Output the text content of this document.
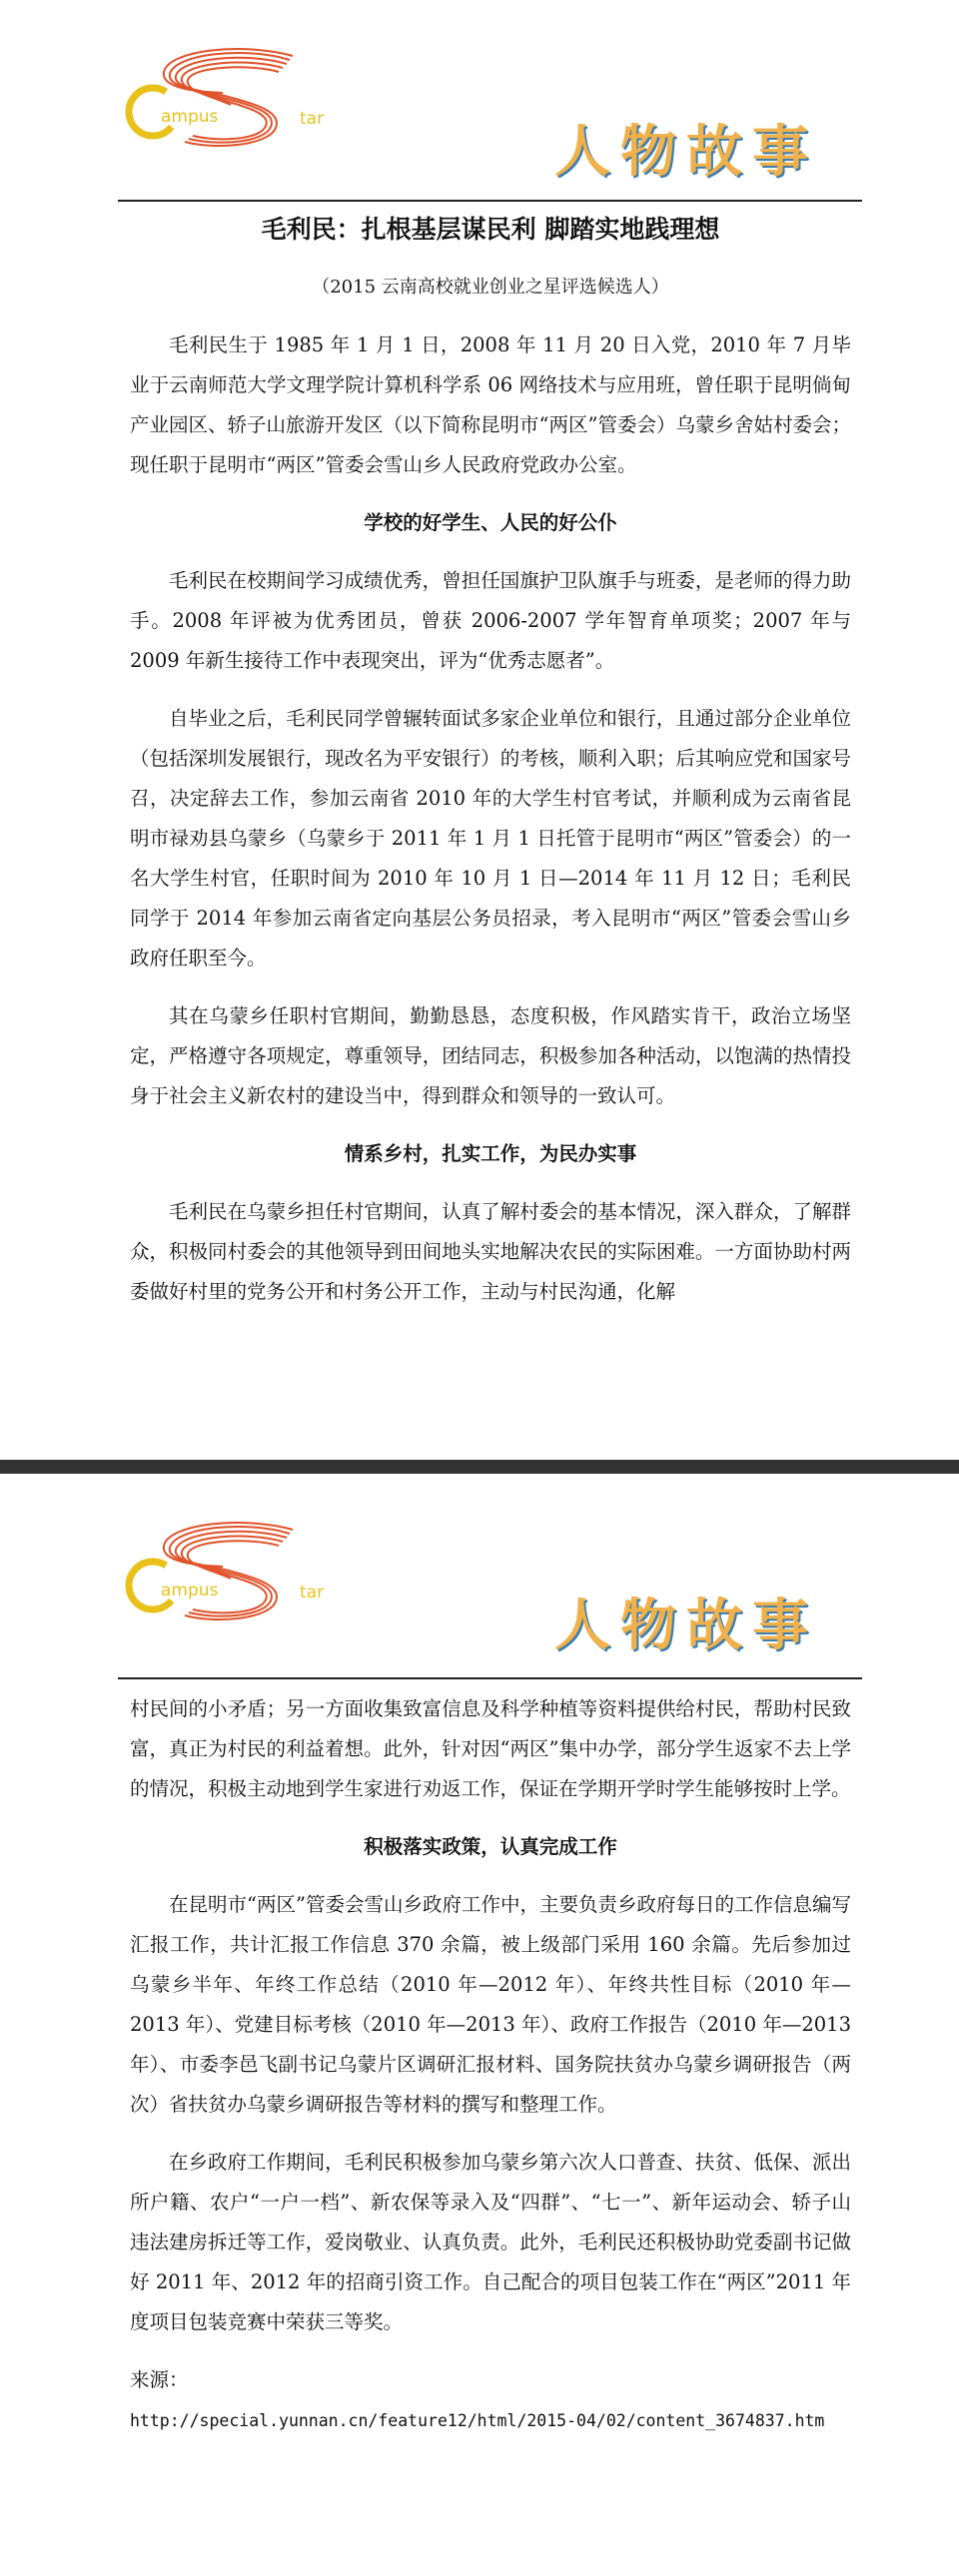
ampus	tar	人物故事

毛利民：扎根基层谋民利 脚踏实地践理想

（2015 云南高校就业创业之星评选候选人）

毛利民生于 1985 年 1 月 1 日，2008 年 11 月 20 日入党，2010 年 7 月毕业于云南师范大学文理学院计算机科学系 06 网络技术与应用班，曾任职于昆明倘甸产业园区、轿子山旅游开发区（以下简称昆明市“两区”管委会）乌蒙乡舍姑村委会；现任职于昆明市“两区”管委会雪山乡人民政府党政办公室。

学校的好学生、人民的好公仆

毛利民在校期间学习成绩优秀，曾担任国旗护卫队旗手与班委，是老师的得力助手。2008 年评被为优秀团员，曾获 2006-2007 学年智育单项奖；2007 年与 2009 年新生接待工作中表现突出，评为“优秀志愿者”。

自毕业之后，毛利民同学曾辗转面试多家企业单位和银行，且通过部分企业单位（包括深圳发展银行，现改名为平安银行）的考核，顺利入职；后其响应党和国家号召，决定辞去工作，参加云南省 2010 年的大学生村官考试，并顺利成为云南省昆明市禄劝县乌蒙乡（乌蒙乡于 2011 年 1 月 1 日托管于昆明市“两区”管委会）的一名大学生村官，任职时间为 2010 年 10 月 1 日—2014 年 11 月 12 日；毛利民同学于 2014 年参加云南省定向基层公务员招录，考入昆明市“两区”管委会雪山乡政府任职至今。

其在乌蒙乡任职村官期间，勤勤恳恳，态度积极，作风踏实肯干，政治立场坚定，严格遵守各项规定，尊重领导，团结同志，积极参加各种活动，以饱满的热情投身于社会主义新农村的建设当中，得到群众和领导的一致认可。

情系乡村，扎实工作，为民办实事

毛利民在乌蒙乡担任村官期间，认真了解村委会的基本情况，深入群众，了解群众，积极同村委会的其他领导到田间地头实地解决农民的实际困难。一方面协助村两委做好村里的党务公开和村务公开工作，主动与村民沟通，化解

ampus	tar	人物故事

村民间的小矛盾；另一方面收集致富信息及科学种植等资料提供给村民，帮助村民致富，真正为村民的利益着想。此外，针对因“两区”集中办学，部分学生返家不去上学的情况，积极主动地到学生家进行劝返工作，保证在学期开学时学生能够按时上学。

积极落实政策，认真完成工作

在昆明市“两区”管委会雪山乡政府工作中，主要负责乡政府每日的工作信息编写汇报工作，共计汇报工作信息 370 余篇，被上级部门采用 160 余篇。先后参加过乌蒙乡半年、年终工作总结（2010 年—2012 年）、年终共性目标（2010 年—2013 年）、党建目标考核（2010 年—2013 年）、政府工作报告（2010 年—2013 年）、市委李邑飞副书记乌蒙片区调研汇报材料、国务院扶贫办乌蒙乡调研报告（两次）省扶贫办乌蒙乡调研报告等材料的撰写和整理工作。

在乡政府工作期间，毛利民积极参加乌蒙乡第六次人口普查、扶贫、低保、派出所户籍、农户“一户一档”、新农保等录入及“四群”、“七一”、新年运动会、轿子山违法建房拆迁等工作，爱岗敬业、认真负责。此外，毛利民还积极协助党委副书记做好 2011 年、2012 年的招商引资工作。自己配合的项目包装工作在“两区”2011 年度项目包装竞赛中荣获三等奖。

来源：

http://special.yunnan.cn/feature12/html/2015-04/02/content_3674837.htm
